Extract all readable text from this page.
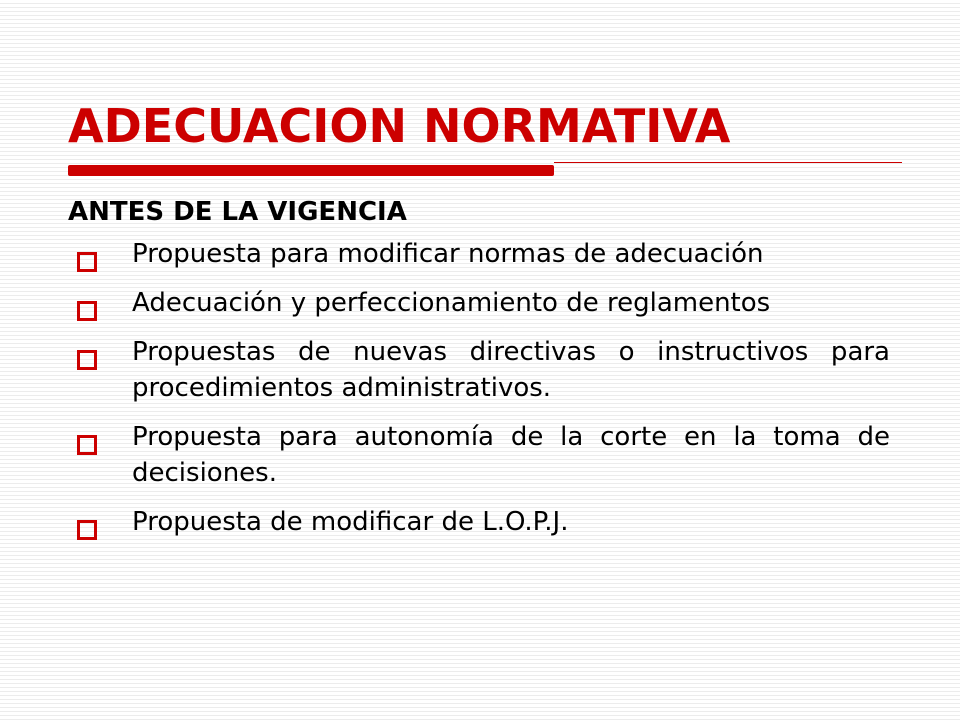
ADECUACION NORMATIVA
ANTES DE LA VIGENCIA
Propuesta para modificar normas de adecuación
Adecuación y perfeccionamiento de reglamentos
Propuestas de nuevas directivas o instructivos para procedimientos administrativos.
Propuesta para autonomía de la corte en la toma de decisiones.
Propuesta de modificar de L.O.P.J.
